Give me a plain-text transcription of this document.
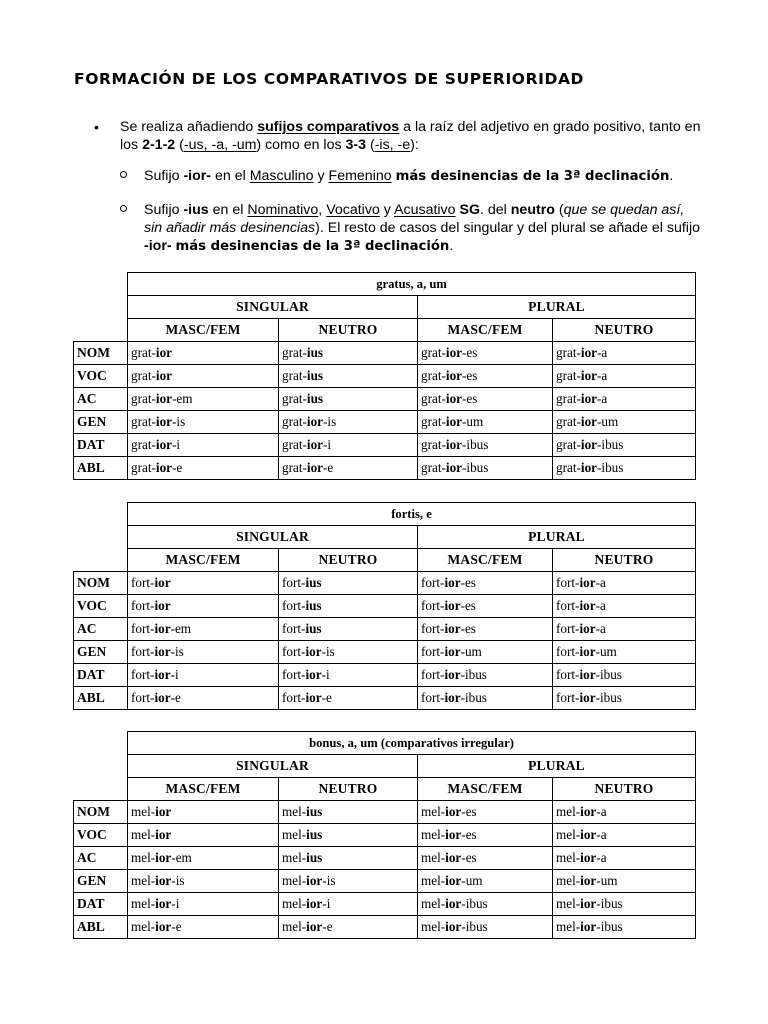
FORMACIÓN DE LOS COMPARATIVOS DE SUPERIORIDAD
• Se realiza añadiendo sufijos comparativos a la raíz del adjetivo en grado positivo, tanto en los 2-1-2 (-us, -a, -um) como en los 3-3 (-is, -e):
Sufijo -ior- en el Masculino y Femenino más desinencias de la 3ª declinación.
Sufijo -ius en el Nominativo, Vocativo y Acusativo SG. del neutro (que se quedan así, sin añadir más desinencias). El resto de casos del singular y del plural se añade el sufijo -ior- más desinencias de la 3ª declinación.
	gratus, a, um			
	SINGULAR		PLURAL	
	MASC/FEM	NEUTRO	MASC/FEM	NEUTRO
NOM	grat-ior	grat-ius	grat-ior-es	grat-ior-a
VOC	grat-ior	grat-ius	grat-ior-es	grat-ior-a
AC	grat-ior-em	grat-ius	grat-ior-es	grat-ior-a
GEN	grat-ior-is	grat-ior-is	grat-ior-um	grat-ior-um
DAT	grat-ior-i	grat-ior-i	grat-ior-ibus	grat-ior-ibus
ABL	grat-ior-e	grat-ior-e	grat-ior-ibus	grat-ior-ibus
	fortis, e			
	SINGULAR		PLURAL	
	MASC/FEM	NEUTRO	MASC/FEM	NEUTRO
NOM	fort-ior	fort-ius	fort-ior-es	fort-ior-a
VOC	fort-ior	fort-ius	fort-ior-es	fort-ior-a
AC	fort-ior-em	fort-ius	fort-ior-es	fort-ior-a
GEN	fort-ior-is	fort-ior-is	fort-ior-um	fort-ior-um
DAT	fort-ior-i	fort-ior-i	fort-ior-ibus	fort-ior-ibus
ABL	fort-ior-e	fort-ior-e	fort-ior-ibus	fort-ior-ibus
	bonus, a, um (comparativos irregular)			
	SINGULAR		PLURAL	
	MASC/FEM	NEUTRO	MASC/FEM	NEUTRO
NOM	mel-ior	mel-ius	mel-ior-es	mel-ior-a
VOC	mel-ior	mel-ius	mel-ior-es	mel-ior-a
AC	mel-ior-em	mel-ius	mel-ior-es	mel-ior-a
GEN	mel-ior-is	mel-ior-is	mel-ior-um	mel-ior-um
DAT	mel-ior-i	mel-ior-i	mel-ior-ibus	mel-ior-ibus
ABL	mel-ior-e	mel-ior-e	mel-ior-ibus	mel-ior-ibus
